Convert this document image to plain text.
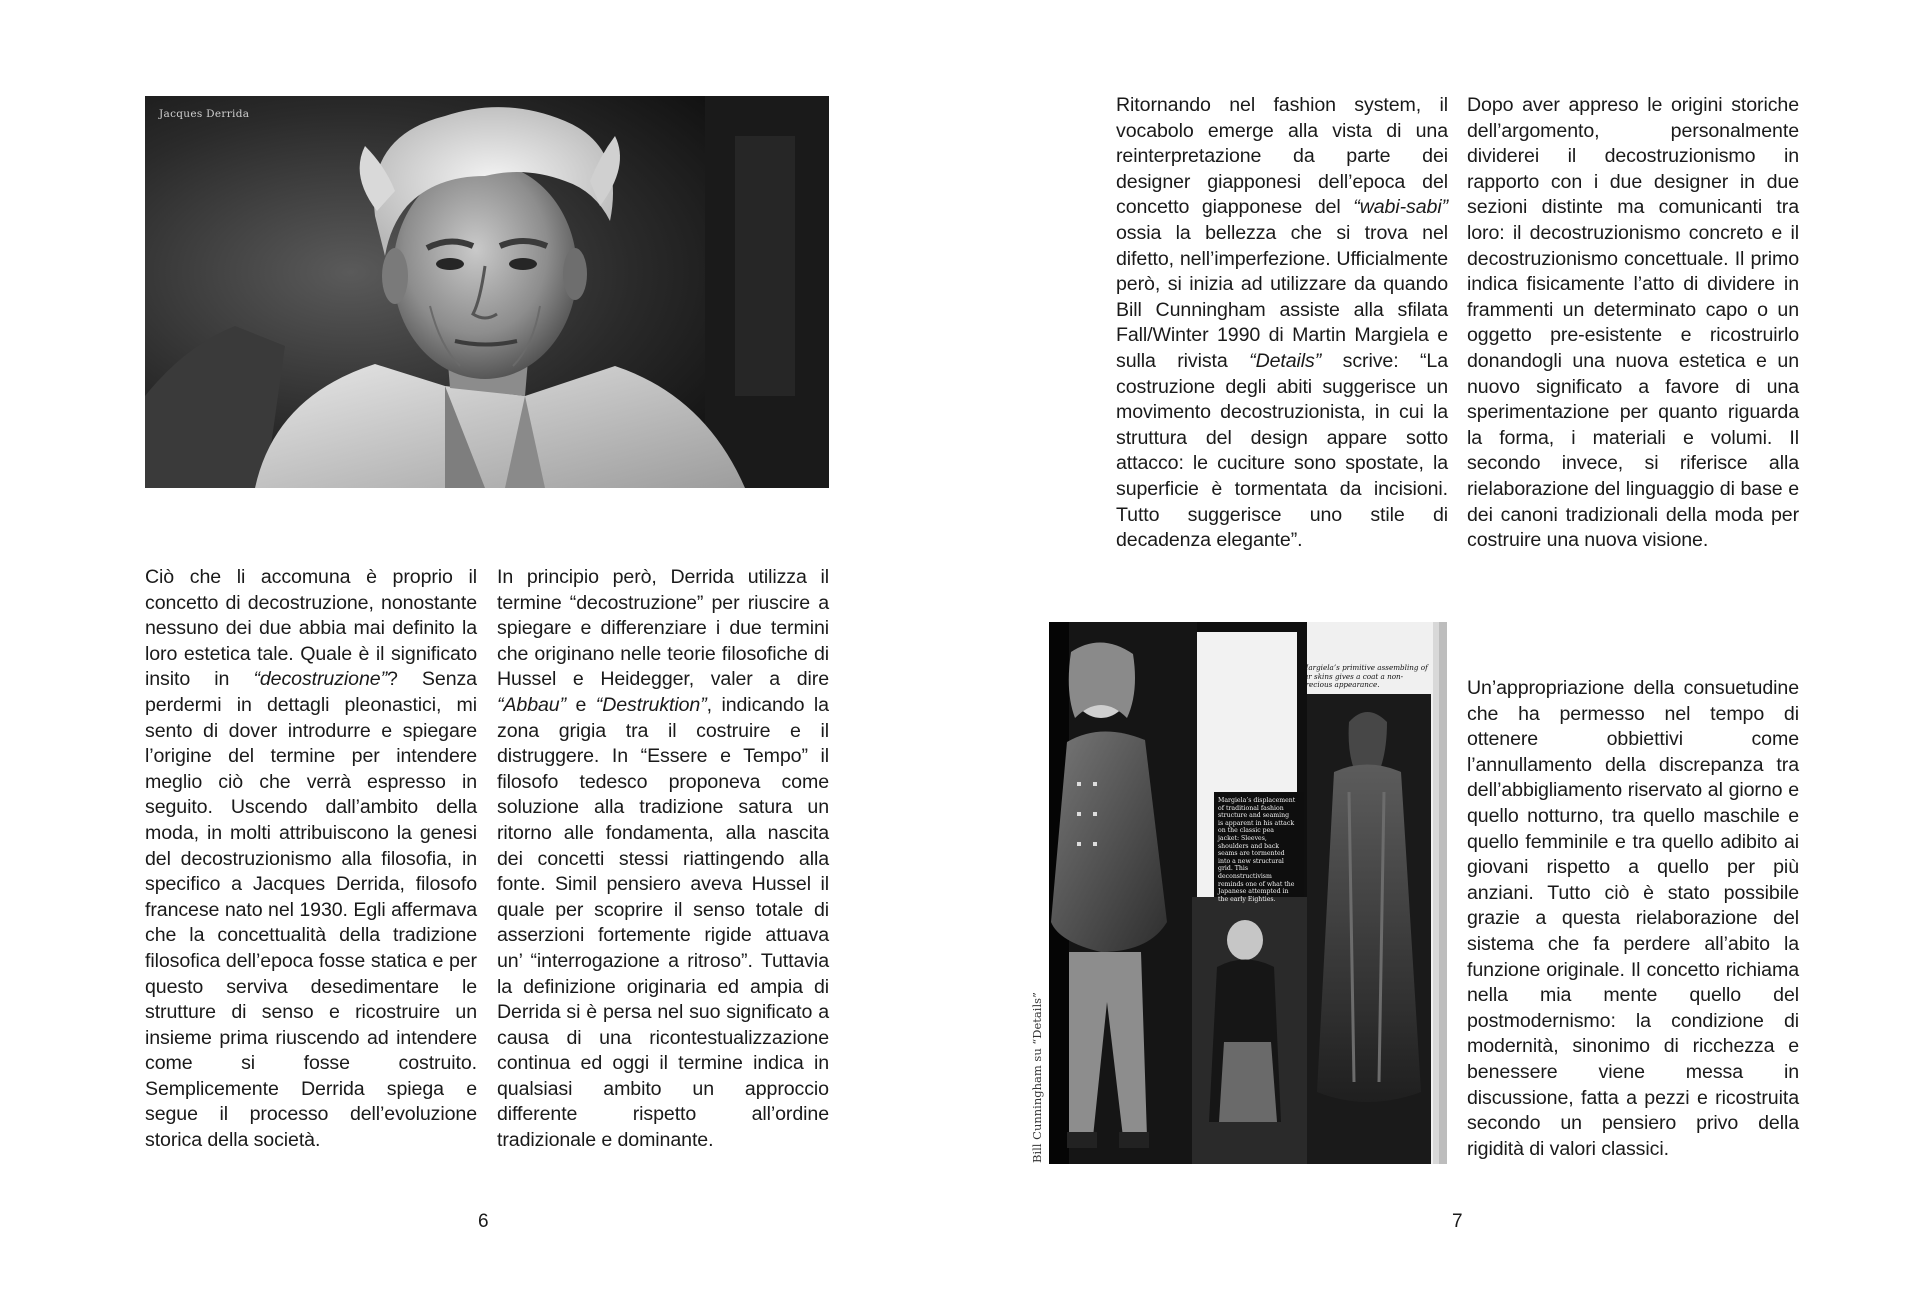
Jacques Derrida

Ciò che li accomuna è proprio il concetto di decostruzione, nonostante nessuno dei due abbia mai definito la loro estetica tale. Quale è il significato insito in “decostruzione”? Senza perdermi in dettagli pleonastici, mi sento di dover introdurre e spiegare l’origine del termine per intendere meglio ciò che verrà espresso in seguito. Uscendo dall’ambito della moda, in molti attribuiscono la genesi del decostruzionismo alla filosofia, in specifico a Jacques Derrida, filosofo francese nato nel 1930. Egli affermava che la concettualità della tradizione filosofica dell’epoca fosse statica e per questo serviva desedimentare le strutture di senso e ricostruire un insieme prima riuscendo ad intendere come si fosse costruito. Semplicemente Derrida spiega e segue il processo dell’evoluzione storica della società.

In principio però, Derrida utilizza il termine “decostruzione” per riuscire a spiegare e differenziare i due termini che originano nelle teorie filosofiche di Hussel e Heidegger, valer a dire “Abbau” e “Destruktion”, indicando la zona grigia tra il costruire e il distruggere. In “Essere e Tempo” il filosofo tedesco proponeva come soluzione alla tradizione satura un ritorno alle fondamenta, alla nascita dei concetti stessi riattingendo alla fonte. Simil pensiero aveva Hussel il quale per scoprire il senso totale di asserzioni fortemente rigide attuava un’ “interrogazione a ritroso”. Tuttavia la definizione originaria ed ampia di Derrida si è persa nel suo significato a causa di una ricontestualizzazione continua ed oggi il termine indica in qualsiasi ambito un approccio differente rispetto all’ordine tradizionale e dominante.

6

Ritornando nel fashion system, il vocabolo emerge alla vista di una reinterpretazione da parte dei designer giapponesi dell’epoca del concetto giapponese del “wabi-sabi” ossia la bellezza che si trova nel difetto, nell’imperfezione. Ufficialmente però, si inizia ad utilizzare da quando Bill Cunningham assiste alla sfilata Fall/Winter 1990 di Martin Margiela e sulla rivista “Details” scrive: “La costruzione degli abiti suggerisce un movimento decostruzionista, in cui la struttura del design appare sotto attacco: le cuciture sono spostate, la superficie è tormentata da incisioni. Tutto suggerisce uno stile di decadenza elegante”.

Dopo aver appreso le origini storiche dell’argomento, personalmente dividerei il decostruzionismo in rapporto con i due designer in due sezioni distinte ma comunicanti tra loro: il decostruzionismo concreto e il decostruzionismo concettuale. Il primo indica fisicamente l’atto di dividere in frammenti un determinato capo o un oggetto pre-esistente e ricostruirlo donandogli una nuova estetica e un nuovo significato a favore di una sperimentazione per quanto riguarda la forma, i materiali e volumi. Il secondo invece, si riferisce alla rielaborazione del linguaggio di base e dei canoni tradizionali della moda per costruire una nuova visione.

Margiela’s primitive assembling of fur skins gives a coat a non-precious appearance.
Margiela’s displacement of traditional fashion structure and seaming is apparent in his attack on the classic pea jacket: Sleeves, shoulders and back seams are tormented into a new structural grid. This deconstructivism reminds one of what the Japanese attempted in the early Eighties.
Bill Cunningham su “Details”

Un’appropriazione della consuetudine che ha permesso nel tempo di ottenere obbiettivi come l’annullamento della discrepanza tra dell’abbigliamento riservato al giorno e quello notturno, tra quello maschile e quello femminile e tra quello adibito ai giovani rispetto a quello per più anziani. Tutto ciò è stato possibile grazie a questa rielaborazione del sistema che fa perdere all’abito la funzione originale. Il concetto richiama nella mia mente quello del postmodernismo: la condizione di modernità, sinonimo di ricchezza e benessere viene messa in discussione, fatta a pezzi e ricostruita secondo un pensiero privo della rigidità di valori classici.

7
